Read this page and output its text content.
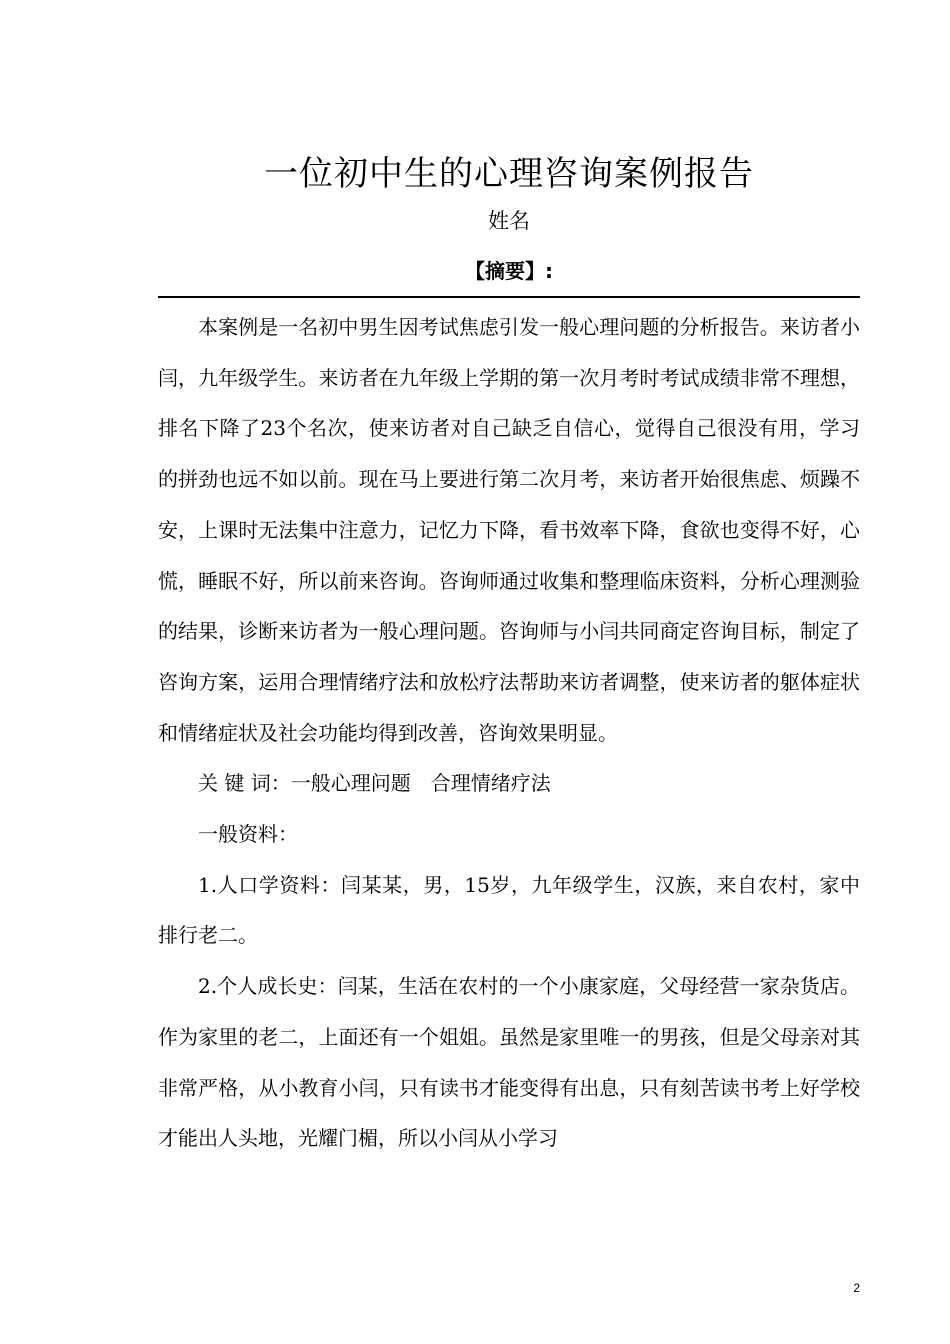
一位初中生的心理咨询案例报告
姓名
【摘要】:

本案例是一名初中男生因考试焦虑引发一般心理问题的分析报告。来访者小闫，九年级学生。来访者在九年级上学期的第一次月考时考试成绩非常不理想，排名下降了23个名次，使来访者对自己缺乏自信心，觉得自己很没有用，学习的拼劲也远不如以前。现在马上要进行第二次月考，来访者开始很焦虑、烦躁不安，上课时无法集中注意力，记忆力下降，看书效率下降，食欲也变得不好，心慌，睡眠不好，所以前来咨询。咨询师通过收集和整理临床资料，分析心理测验的结果，诊断来访者为一般心理问题。咨询师与小闫共同商定咨询目标，制定了咨询方案，运用合理情绪疗法和放松疗法帮助来访者调整，使来访者的躯体症状和情绪症状及社会功能均得到改善，咨询效果明显。

关 键 词：一般心理问题　合理情绪疗法

一般资料：

1.人口学资料：闫某某，男，15岁，九年级学生，汉族，来自农村，家中排行老二。

2.个人成长史：闫某，生活在农村的一个小康家庭，父母经营一家杂货店。作为家里的老二，上面还有一个姐姐。虽然是家里唯一的男孩，但是父母亲对其非常严格，从小教育小闫，只有读书才能变得有出息，只有刻苦读书考上好学校才能出人头地，光耀门楣，所以小闫从小学习

2
